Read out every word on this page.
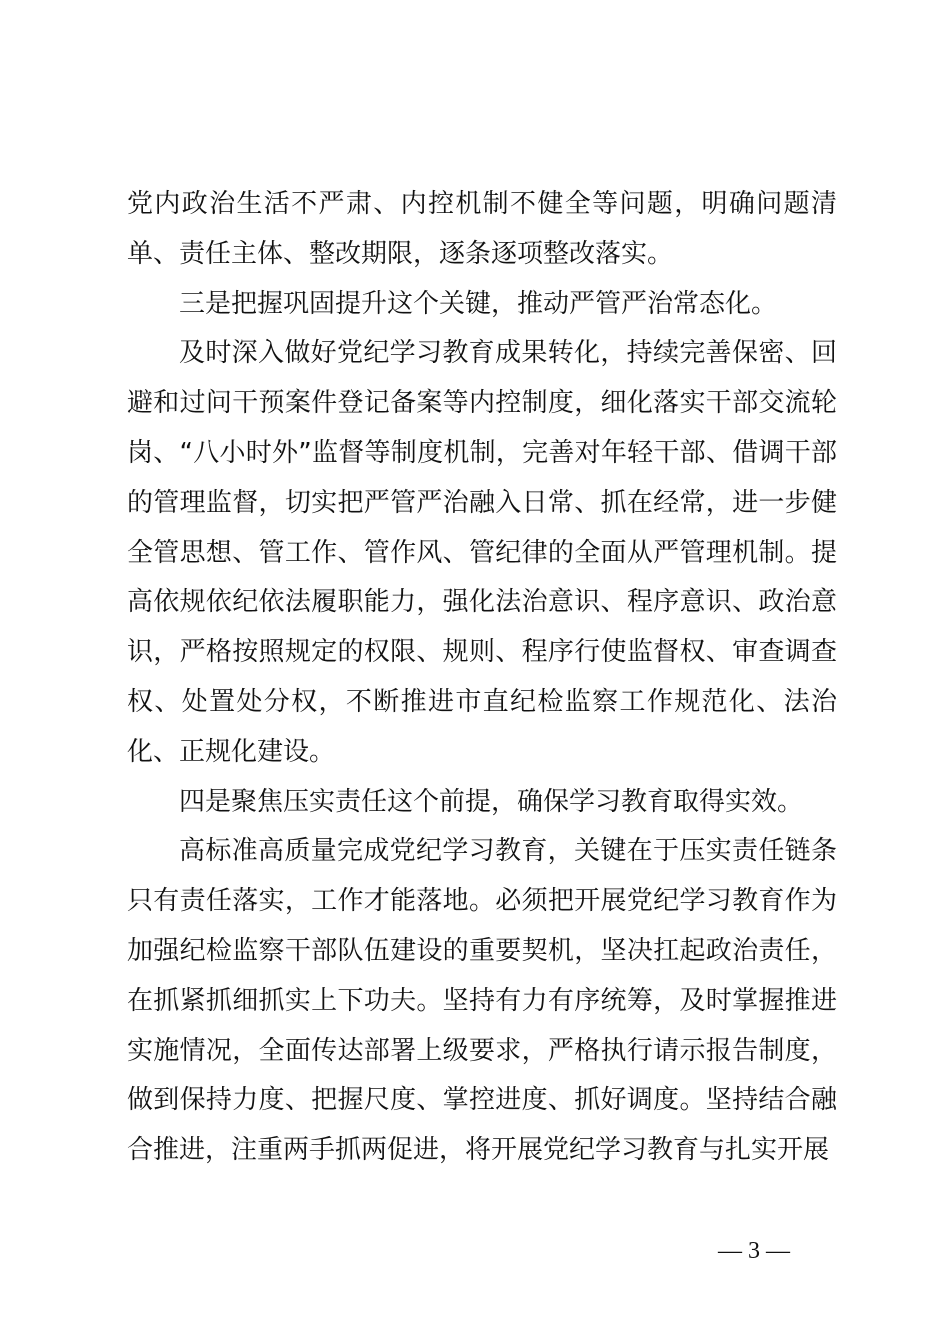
党内政治生活不严肃、内控机制不健全等问题，明确问题清单、责任主体、整改期限，逐条逐项整改落实。

三是把握巩固提升这个关键，推动严管严治常态化。

及时深入做好党纪学习教育成果转化，持续完善保密、回避和过问干预案件登记备案等内控制度，细化落实干部交流轮岗、“八小时外”监督等制度机制，完善对年轻干部、借调干部的管理监督，切实把严管严治融入日常、抓在经常，进一步健全管思想、管工作、管作风、管纪律的全面从严管理机制。提高依规依纪依法履职能力，强化法治意识、程序意识、政治意识，严格按照规定的权限、规则、程序行使监督权、审查调查权、处置处分权，不断推进市直纪检监察工作规范化、法治化、正规化建设。

四是聚焦压实责任这个前提，确保学习教育取得实效。

高标准高质量完成党纪学习教育，关键在于压实责任链条只有责任落实，工作才能落地。必须把开展党纪学习教育作为加强纪检监察干部队伍建设的重要契机，坚决扛起政治责任，在抓紧抓细抓实上下功夫。坚持有力有序统筹，及时掌握推进实施情况，全面传达部署上级要求，严格执行请示报告制度，做到保持力度、把握尺度、掌控进度、抓好调度。坚持结合融合推进，注重两手抓两促进，将开展党纪学习教育与扎实开展

— 3 —
